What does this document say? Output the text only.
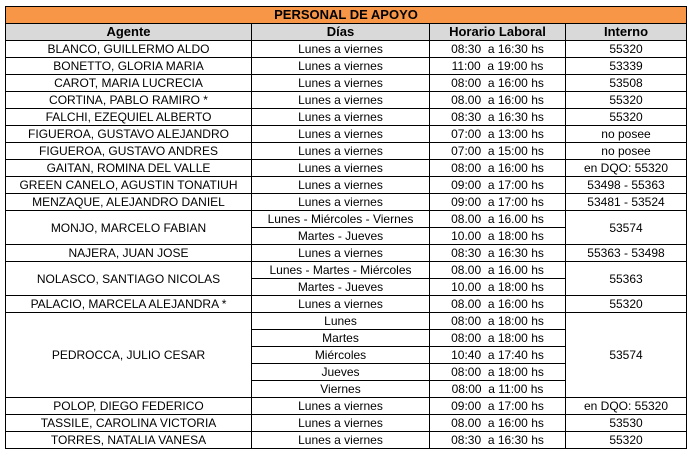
PERSONAL DE APOYO			
Agente	Días	Horario Laboral	Interno
BLANCO, GUILLERMO ALDO	Lunes a viernes	08:30  a 16:30 hs	55320
BONETTO, GLORIA MARIA	Lunes a viernes	11:00  a 19:00 hs	53339
CAROT, MARIA LUCRECIA	Lunes a viernes	08:00  a 16:00 hs	53508
CORTINA, PABLO RAMIRO *	Lunes a viernes	08.00  a 16:00 hs	55320
FALCHI, EZEQUIEL ALBERTO	Lunes a viernes	08:30  a 16:30 hs	55320
FIGUEROA, GUSTAVO ALEJANDRO	Lunes a viernes	07:00  a 13:00 hs	no posee
FIGUEROA, GUSTAVO ANDRES	Lunes a viernes	07:00  a 15:00 hs	no posee
GAITAN, ROMINA DEL VALLE	Lunes a viernes	08:00  a 16:00 hs	en DQO: 55320
GREEN CANELO, AGUSTIN TONATIUH	Lunes a viernes	09:00  a 17:00 hs	53498 - 55363
MENZAQUE, ALEJANDRO DANIEL	Lunes a viernes	09:00  a 17:00 hs	53481 - 53524
MONJO, MARCELO FABIAN	Lunes - Miércoles - Viernes	08.00  a 16.00 hs	53574
	Martes - Jueves	10.00  a 18:00 hs	
NAJERA, JUAN JOSE	Lunes a viernes	08:30  a 16:30 hs	55363 - 53498
NOLASCO, SANTIAGO NICOLAS	Lunes - Martes - Miércoles	08.00  a 16.00 hs	55363
	Martes - Jueves	10.00  a 18:00 hs	
PALACIO, MARCELA ALEJANDRA *	Lunes a viernes	08.00  a 16:00 hs	55320
PEDROCCA, JULIO CESAR	Lunes	08:00  a 18:00 hs	53574
	Martes	08:00  a 18:00 hs	
	Miércoles	10:40  a 17:40 hs	
	Jueves	08:00  a 18:00 hs	
	Viernes	08:00  a 11:00 hs	
POLOP, DIEGO FEDERICO	Lunes a viernes	09:00  a 17:00 hs	en DQO: 55320
TASSILE, CAROLINA VICTORIA	Lunes a viernes	08.00  a 16:00 hs	53530
TORRES, NATALIA VANESA	Lunes a viernes	08:30  a 16:30 hs	55320
